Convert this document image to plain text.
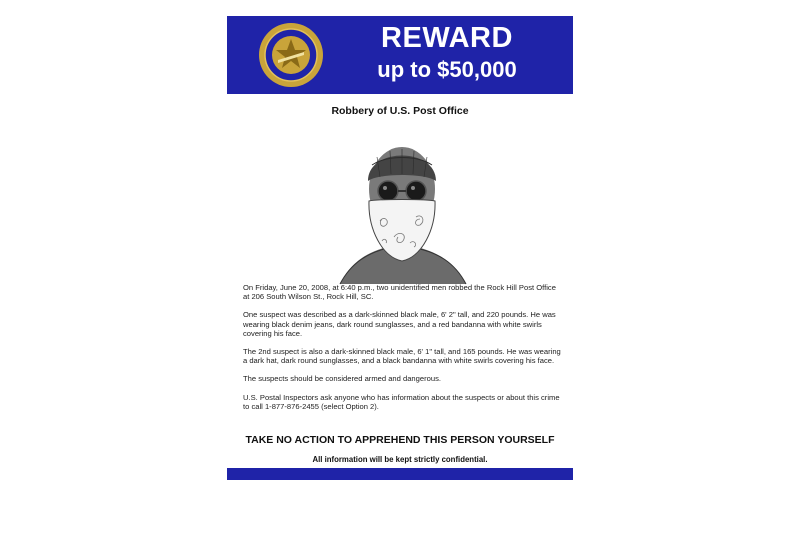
REWARD
up to $50,000
Robbery of U.S. Post Office

On Friday, June 20, 2008, at 6:40 p.m., two unidentified men robbed the Rock Hill Post Office at 206 South Wilson St., Rock Hill, SC.

One suspect was described as a dark-skinned black male, 6' 2" tall, and 220 pounds. He was wearing black denim jeans, dark round sunglasses, and a red bandanna with white swirls covering his face.

The 2nd suspect is also a dark-skinned black male, 6' 1" tall, and 165 pounds. He was wearing a dark hat, dark round sunglasses, and a black bandanna with white swirls covering his face.

The suspects should be considered armed and dangerous.

U.S. Postal Inspectors ask anyone who has information about the suspects or about this crime to call 1-877-876-2455 (select Option 2).

TAKE NO ACTION TO APPREHEND THIS PERSON YOURSELF
All information will be kept strictly confidential.
